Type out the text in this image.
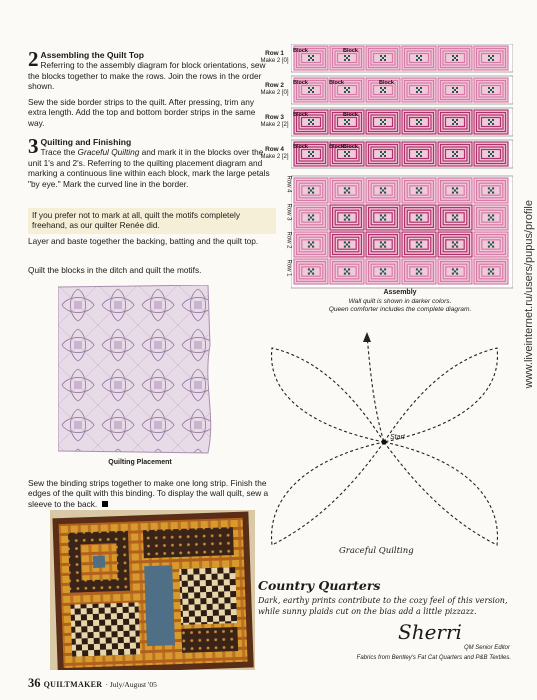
2 Assembling the Quilt Top
Referring to the assembly diagram for block orientations, sew the blocks together to make the rows. Join the rows in the order shown.
Sew the side border strips to the quilt. After pressing, trim any extra length. Add the top and bottom border strips in the same way.
3 Quilting and Finishing
Trace the Graceful Quilting and mark it in the blocks over the unit 1's and 2's. Referring to the quilting placement diagram and marking a continuous line within each block, mark the large petals "by eye." Mark the curved line in the border.
If you prefer not to mark at all, quilt the motifs completely freehand, as our quilter Renée did.
Layer and baste together the backing, batting and the quilt top.
Quilt the blocks in the ditch and quilt the motifs.
Quilting Placement
Sew the binding strips together to make one long strip. Finish the edges of the quilt with this binding. To display the wall quilt, sew a sleeve to the back.
Row 1
Make 2 [0]
Row 2
Make 2 [0]
Row 3
Make 2 [2]
Row 4
Make 2 [2]
Block	Block
Block	Block	Block
Block	Block
Block	Block Block
Row 4
Row 3
Row 2
Row 1
Assembly
Wall quilt is shown in darker colors.
Queen comforter includes the complete diagram.
Start
Graceful Quilting
Country Quarters
Dark, earthy prints contribute to the cozy feel of this version, while sunny plaids cut on the bias add a little pizzazz.
Sherri
QM Senior Editor
Fabrics from Bentley's Fat Cat Quarters and P&B Textiles.
36 QUILTMAKER · July/August '05
www.liveinternet.ru/users/pupus/profile
